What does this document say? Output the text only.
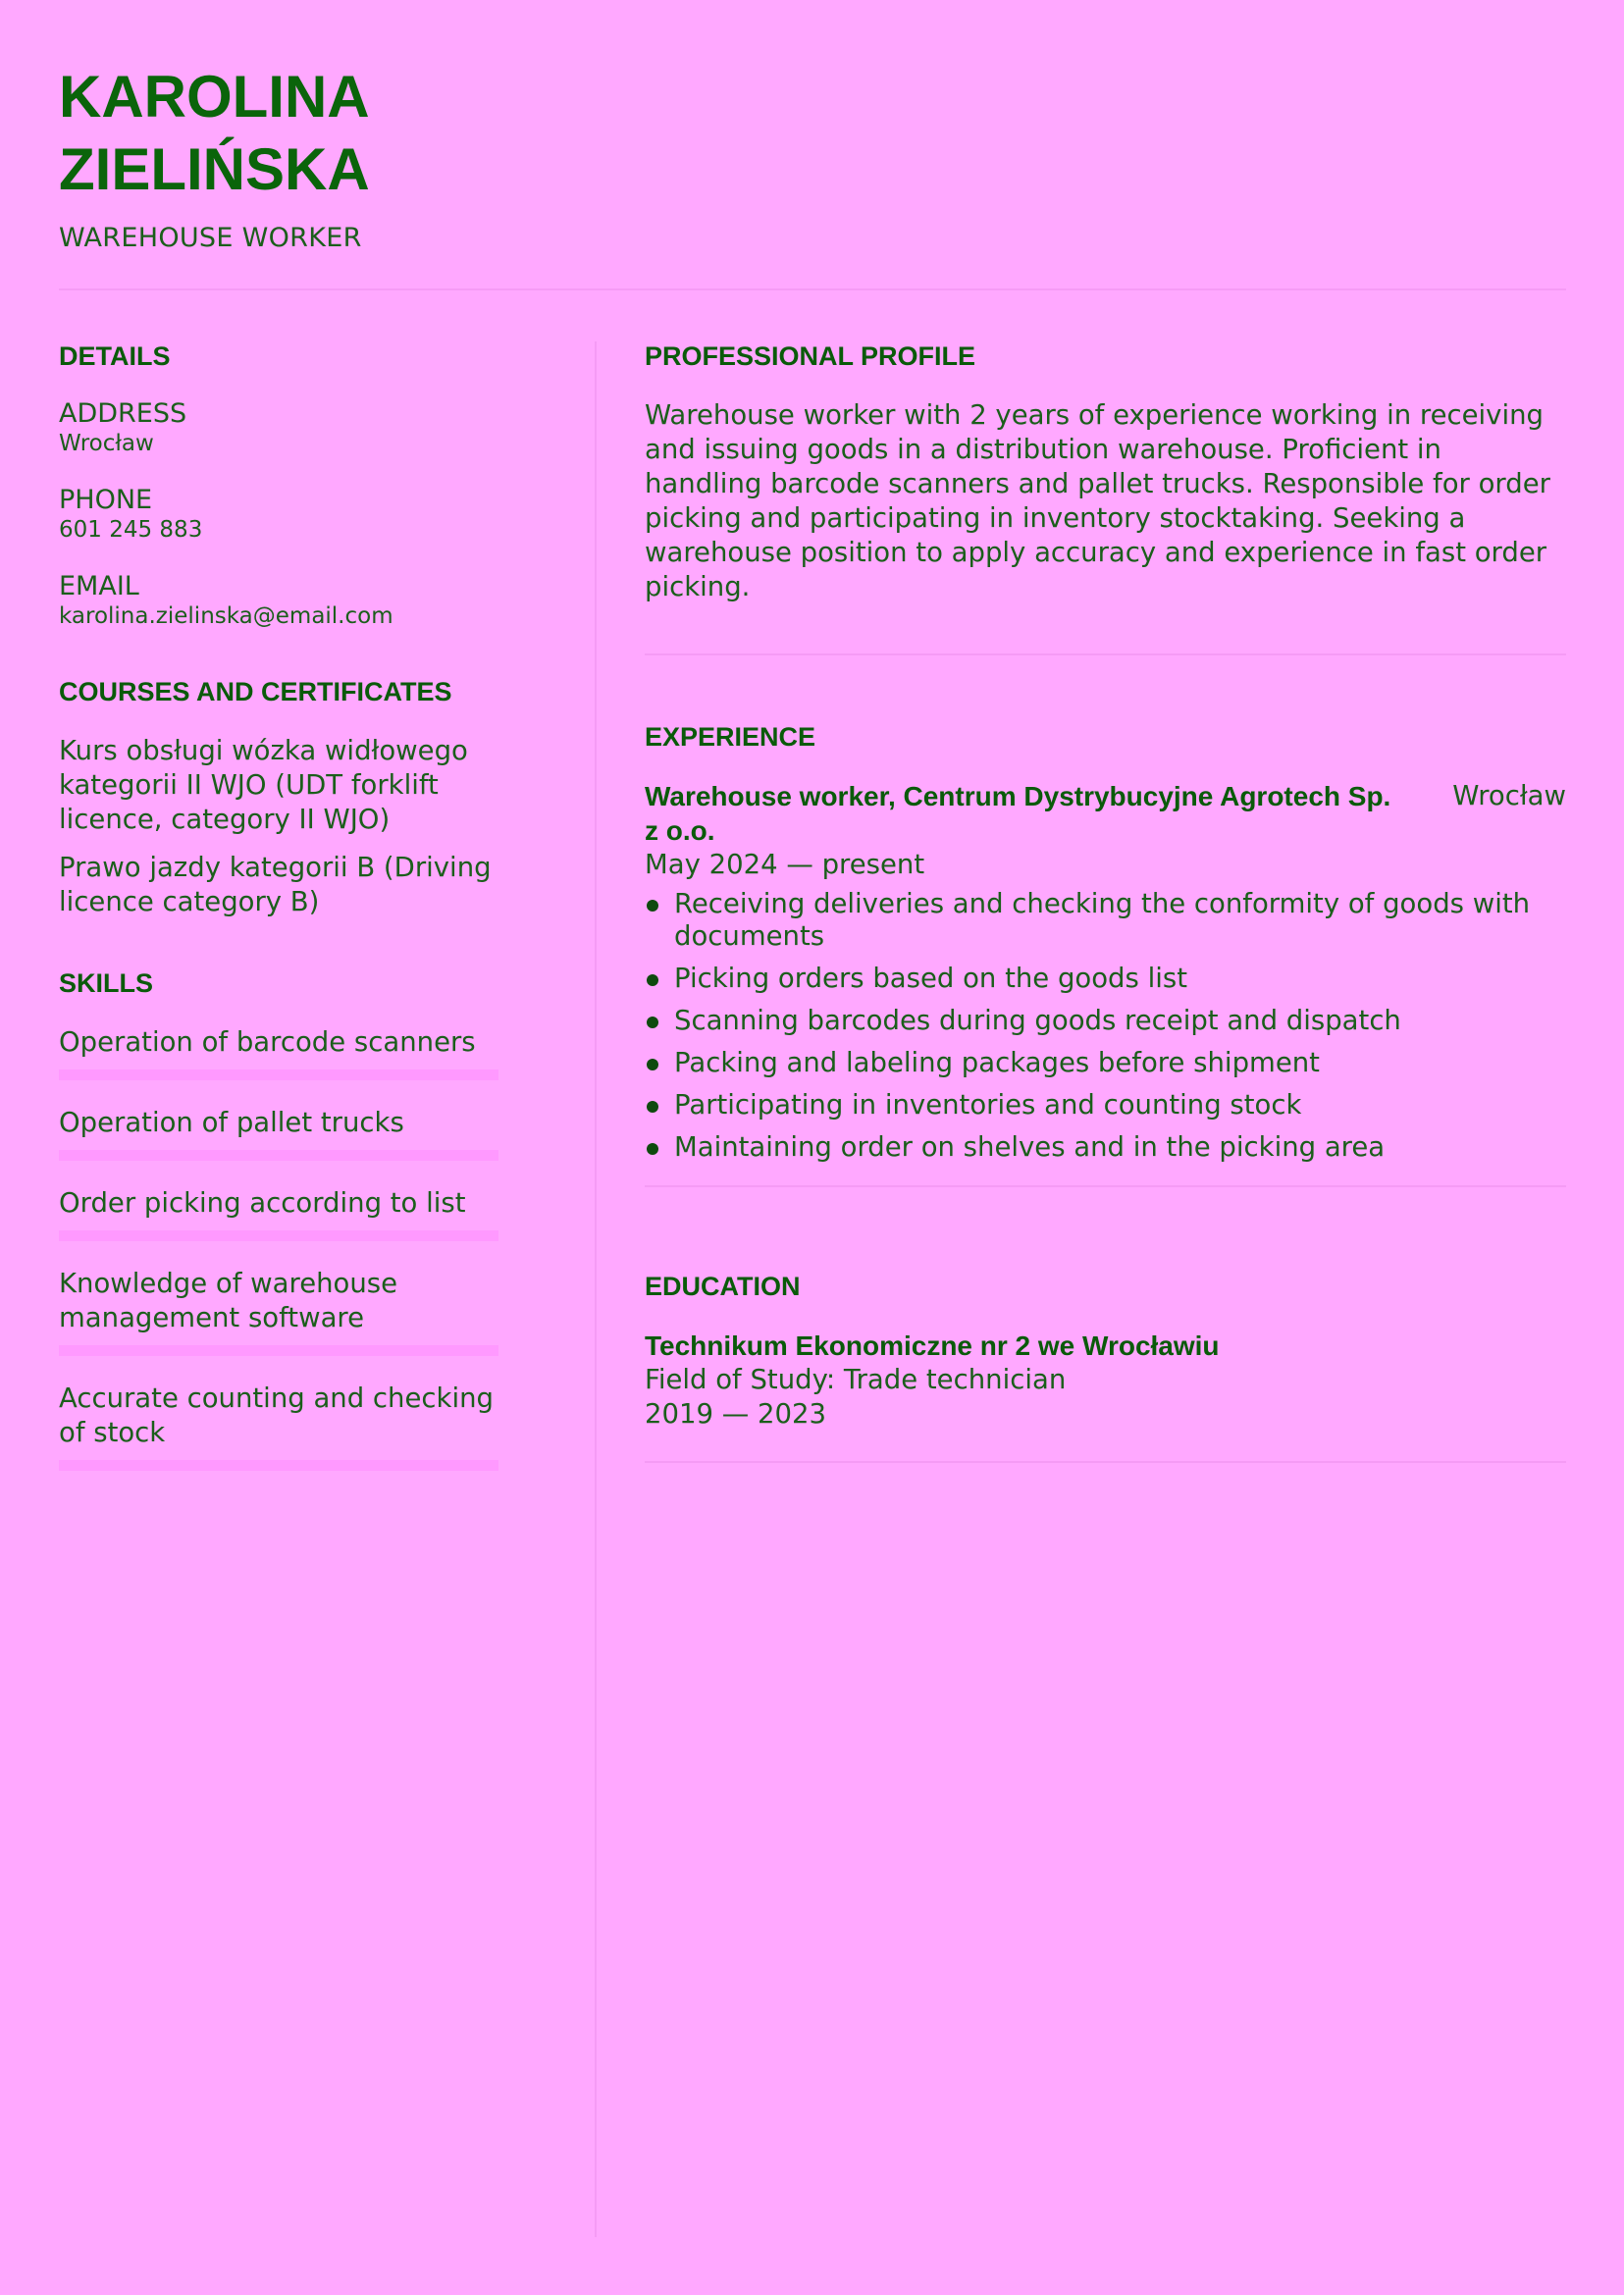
KAROLINA
ZIELIŃSKA
WAREHOUSE WORKER
DETAILS
ADDRESS
Wrocław
PHONE
601 245 883
EMAIL
karolina.zielinska@email.com
COURSES AND CERTIFICATES
Kurs obsługi wózka widłowego kategorii II WJO (UDT forklift licence, category II WJO)
Prawo jazdy kategorii B (Driving licence category B)
SKILLS
Operation of barcode scanners
Operation of pallet trucks
Order picking according to list
Knowledge of warehouse management software
Accurate counting and checking of stock
PROFESSIONAL PROFILE
Warehouse worker with 2 years of experience working in receiving and issuing goods in a distribution warehouse. Proficient in handling barcode scanners and pallet trucks. Responsible for order picking and participating in inventory stocktaking. Seeking a warehouse position to apply accuracy and experience in fast order picking.
EXPERIENCE
Warehouse worker, Centrum Dystrybucyjne Agrotech Sp. z o.o.
Wrocław
May 2024 — present
Receiving deliveries and checking the conformity of goods with documents
Picking orders based on the goods list
Scanning barcodes during goods receipt and dispatch
Packing and labeling packages before shipment
Participating in inventories and counting stock
Maintaining order on shelves and in the picking area
EDUCATION
Technikum Ekonomiczne nr 2 we Wrocławiu
Field of Study: Trade technician
2019 — 2023
